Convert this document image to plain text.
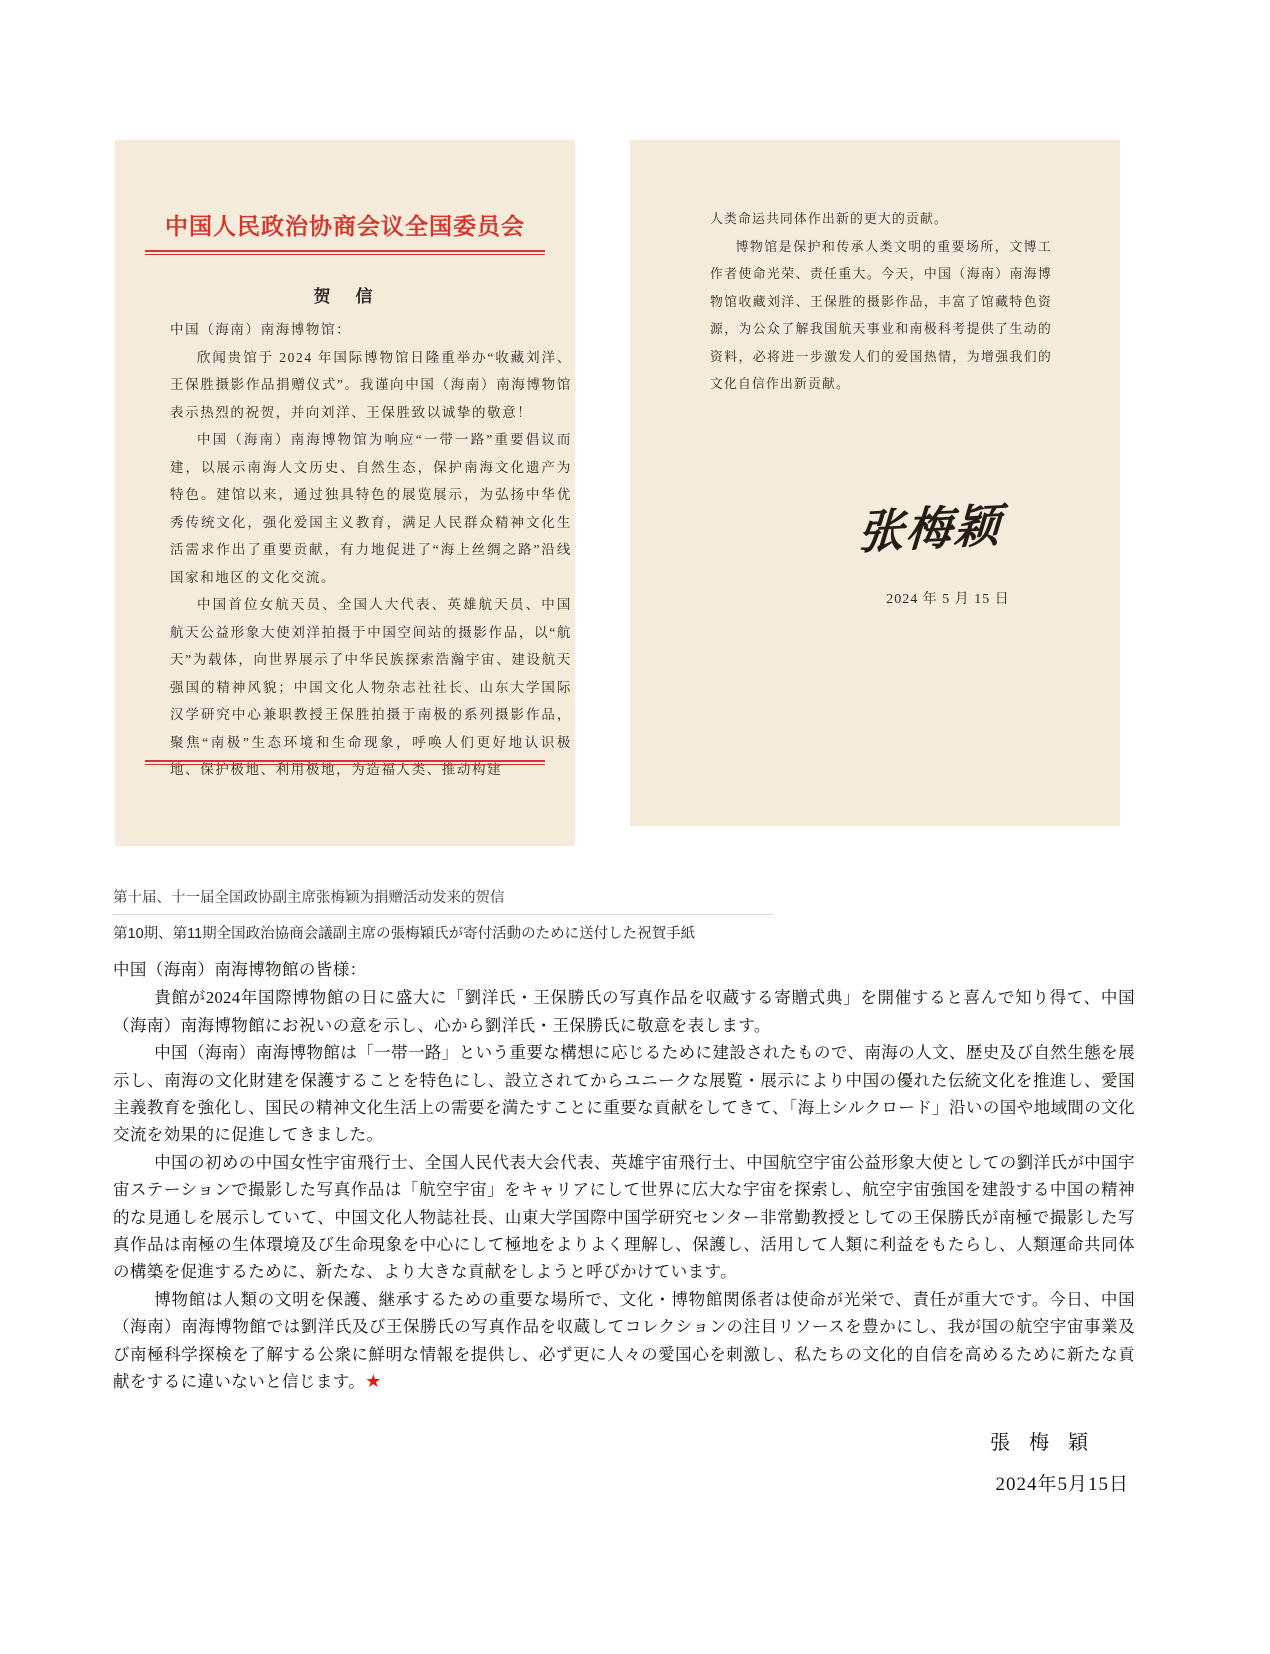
中国人民政治协商会议全国委员会
贺　信

中国（海南）南海博物馆：

欣闻贵馆于 2024 年国际博物馆日隆重举办“收藏刘洋、王保胜摄影作品捐赠仪式”。我谨向中国（海南）南海博物馆表示热烈的祝贺，并向刘洋、王保胜致以诚挚的敬意！

中国（海南）南海博物馆为响应“一带一路”重要倡议而建，以展示南海人文历史、自然生态，保护南海文化遗产为特色。建馆以来，通过独具特色的展览展示，为弘扬中华优秀传统文化，强化爱国主义教育，满足人民群众精神文化生活需求作出了重要贡献，有力地促进了“海上丝绸之路”沿线国家和地区的文化交流。

中国首位女航天员、全国人大代表、英雄航天员、中国航天公益形象大使刘洋拍摄于中国空间站的摄影作品，以“航天”为载体，向世界展示了中华民族探索浩瀚宇宙、建设航天强国的精神风貌；中国文化人物杂志社社长、山东大学国际汉学研究中心兼职教授王保胜拍摄于南极的系列摄影作品，聚焦“南极”生态环境和生命现象，呼唤人们更好地认识极地、保护极地、利用极地，为造福人类、推动构建

人类命运共同体作出新的更大的贡献。

博物馆是保护和传承人类文明的重要场所，文博工作者使命光荣、责任重大。今天，中国（海南）南海博物馆收藏刘洋、王保胜的摄影作品，丰富了馆藏特色资源，为公众了解我国航天事业和南极科考提供了生动的资料，必将进一步激发人们的爱国热情，为增强我们的文化自信作出新贡献。

张梅颖
2024 年 5 月 15 日
第十届、十一届全国政协副主席张梅颖为捐赠活动发来的贺信
第10期、第11期全国政治協商会議副主席の張梅穎氏が寄付活動のために送付した祝賀手紙

中国（海南）南海博物館の皆様：

貴館が2024年国際博物館の日に盛大に「劉洋氏・王保勝氏の写真作品を収蔵する寄贈式典」を開催すると喜んで知り得て、中国（海南）南海博物館にお祝いの意を示し、心から劉洋氏・王保勝氏に敬意を表します。

中国（海南）南海博物館は「一帯一路」という重要な構想に応じるために建設されたもので、南海の人文、歴史及び自然生態を展示し、南海の文化財建を保護することを特色にし、設立されてからユニークな展覧・展示により中国の優れた伝統文化を推進し、愛国主義教育を強化し、国民の精神文化生活上の需要を満たすことに重要な貢献をしてきて、「海上シルクロード」沿いの国や地域間の文化交流を効果的に促進してきました。

中国の初めの中国女性宇宙飛行士、全国人民代表大会代表、英雄宇宙飛行士、中国航空宇宙公益形象大使としての劉洋氏が中国宇宙ステーションで撮影した写真作品は「航空宇宙」をキャリアにして世界に広大な宇宙を探索し、航空宇宙強国を建設する中国の精神的な見通しを展示していて、中国文化人物誌社長、山東大学国際中国学研究センター非常勤教授としての王保勝氏が南極で撮影した写真作品は南極の生体環境及び生命現象を中心にして極地をよりよく理解し、保護し、活用して人類に利益をもたらし、人類運命共同体の構築を促進するために、新たな、より大きな貢献をしようと呼びかけています。

博物館は人類の文明を保護、継承するための重要な場所で、文化・博物館関係者は使命が光栄で、責任が重大です。今日、中国（海南）南海博物館では劉洋氏及び王保勝氏の写真作品を収蔵してコレクションの注目リソースを豊かにし、我が国の航空宇宙事業及び南極科学探検を了解する公衆に鮮明な情報を提供し、必ず更に人々の愛国心を刺激し、私たちの文化的自信を高めるために新たな貢献をするに違いないと信じます。★

張 梅 穎
2024年5月15日
